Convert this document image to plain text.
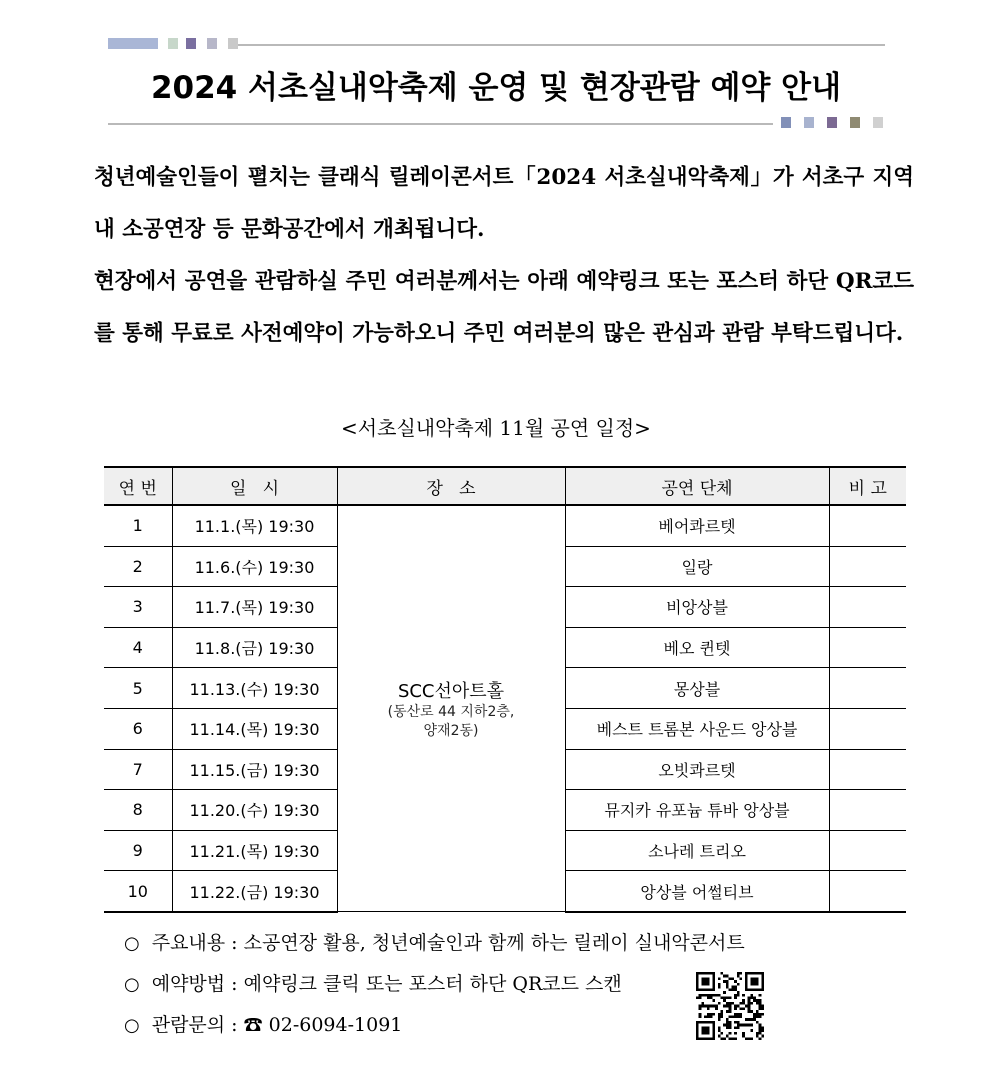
2024 서초실내악축제 운영 및 현장관람 예약 안내

청년예술인들이 펼치는 클래식 릴레이콘서트「2024 서초실내악축제」가 서초구 지역 내 소공연장 등 문화공간에서 개최됩니다.

현장에서 공연을 관람하실 주민 여러분께서는 아래 예약링크 또는 포스터 하단 QR코드를 통해 무료로 사전예약이 가능하오니 주민 여러분의 많은 관심과 관람 부탁드립니다.

<서초실내악축제 11월 공연 일정>
연 번	일   시	장   소	공연 단체	비 고
1	11.1.(목) 19:30	SCC선아트홀
(동산로 44 지하2층,
양재2동)	베어콰르텟	
2	11.6.(수) 19:30		일랑	
3	11.7.(목) 19:30		비앙상블	
4	11.8.(금) 19:30		베오 퀸텟	
5	11.13.(수) 19:30		몽상블	
6	11.14.(목) 19:30		베스트 트롬본 사운드 앙상블	
7	11.15.(금) 19:30		오빗콰르텟	
8	11.20.(수) 19:30		뮤지카 유포늄 튜바 앙상블	
9	11.21.(목) 19:30		소나레 트리오	
10	11.22.(금) 19:30		앙상블 어썰티브	
○ 주요내용 : 소공연장 활용, 청년예술인과 함께 하는 릴레이 실내악콘서트
○ 예약방법 : 예약링크 클릭 또는 포스터 하단 QR코드 스캔
○ 관람문의 : ☎ 02-6094-1091
